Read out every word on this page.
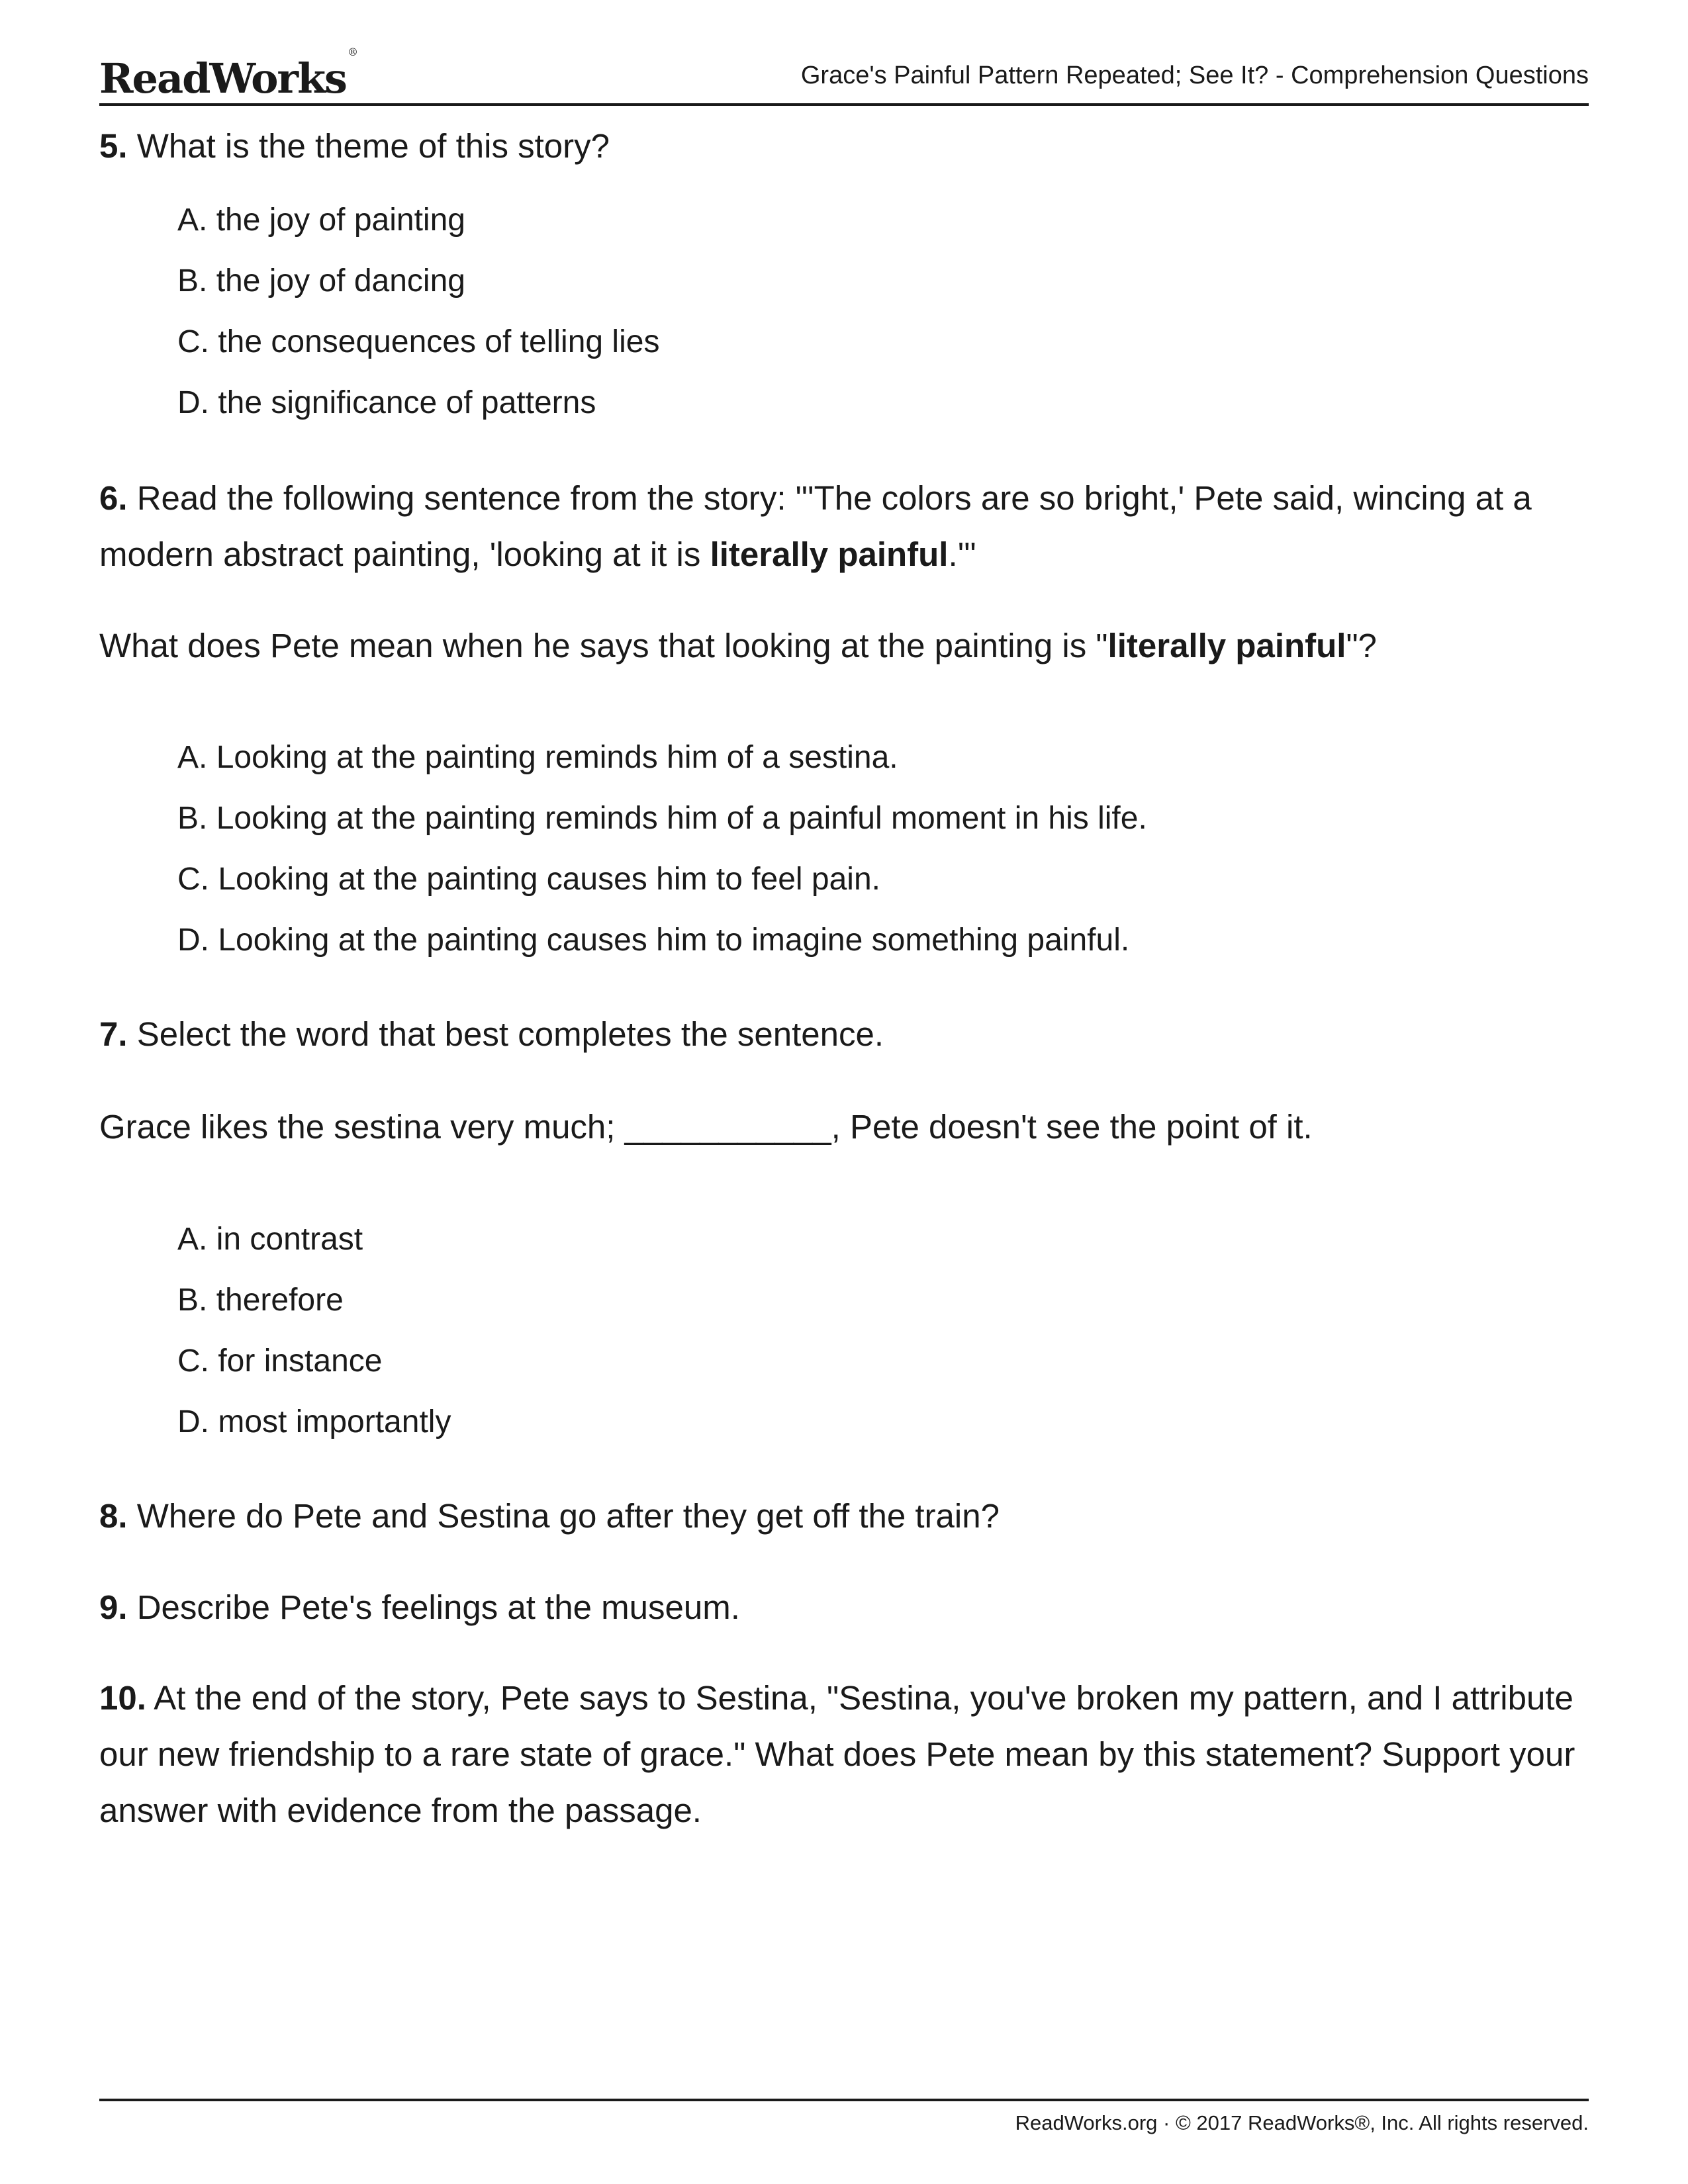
ReadWorks®
Grace's Painful Pattern Repeated; See It? - Comprehension Questions
5. What is the theme of this story?
A. the joy of painting
B. the joy of dancing
C. the consequences of telling lies
D. the significance of patterns
6. Read the following sentence from the story: "'The colors are so bright,' Pete said, wincing at a modern abstract painting, 'looking at it is literally painful.'"
What does Pete mean when he says that looking at the painting is "literally painful"?
A. Looking at the painting reminds him of a sestina.
B. Looking at the painting reminds him of a painful moment in his life.
C. Looking at the painting causes him to feel pain.
D. Looking at the painting causes him to imagine something painful.
7. Select the word that best completes the sentence.
Grace likes the sestina very much; ___________, Pete doesn't see the point of it.
A. in contrast
B. therefore
C. for instance
D. most importantly
8. Where do Pete and Sestina go after they get off the train?
9. Describe Pete's feelings at the museum.
10. At the end of the story, Pete says to Sestina, "Sestina, you've broken my pattern, and I attribute our new friendship to a rare state of grace." What does Pete mean by this statement? Support your answer with evidence from the passage.
ReadWorks.org · © 2017 ReadWorks®, Inc. All rights reserved.
